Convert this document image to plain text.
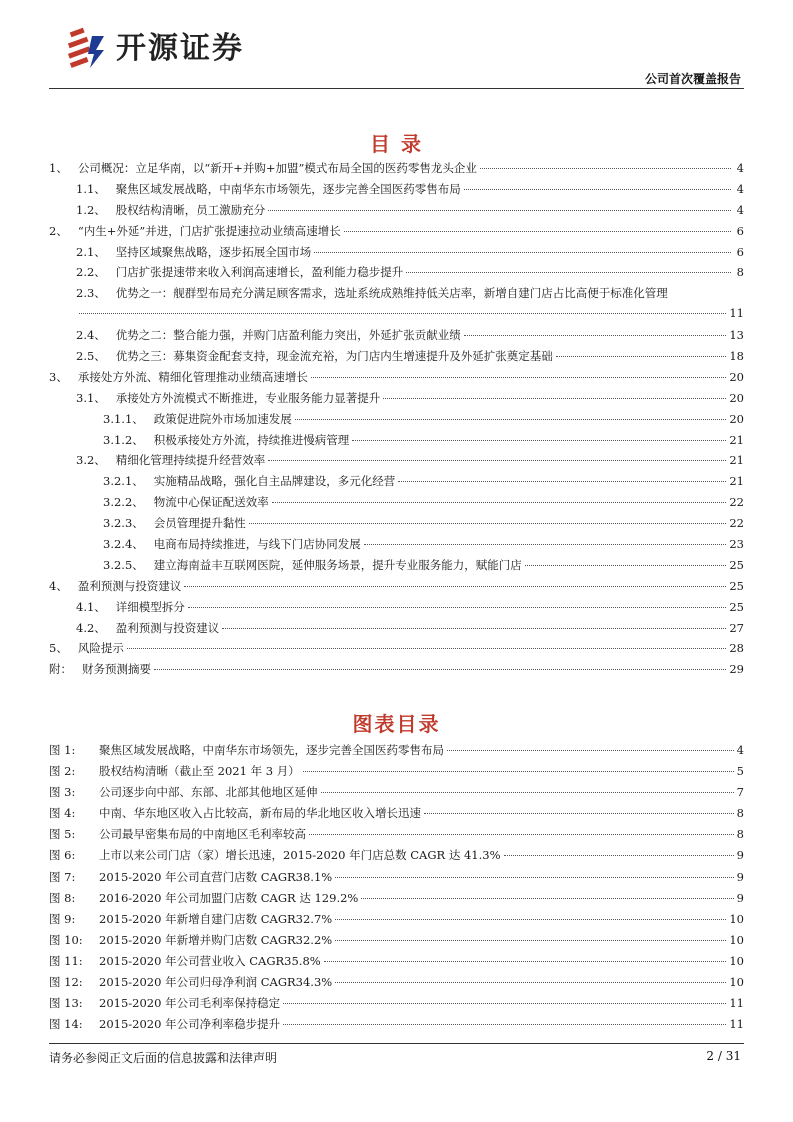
开源证券
公司首次覆盖报告
目 录
1、 公司概况：立足华南，以“新开+并购+加盟”模式布局全国的医药零售龙头企业	4
1.1、 聚焦区域发展战略，中南华东市场领先，逐步完善全国医药零售布局	4
1.2、 股权结构清晰，员工激励充分	4
2、 “内生+外延”并进，门店扩张提速拉动业绩高速增长	6
2.1、 坚持区域聚焦战略，逐步拓展全国市场	6
2.2、 门店扩张提速带来收入利润高速增长，盈利能力稳步提升	8
2.3、 优势之一：舰群型布局充分满足顾客需求，选址系统成熟维持低关店率，新增自建门店占比高便于标准化管理
11
2.4、 优势之二：整合能力强，并购门店盈利能力突出，外延扩张贡献业绩	13
2.5、 优势之三：募集资金配套支持，现金流充裕，为门店内生增速提升及外延扩张奠定基础	18
3、 承接处方外流、精细化管理推动业绩高速增长	20
3.1、 承接处方外流模式不断推进，专业服务能力显著提升	20
3.1.1、 政策促进院外市场加速发展	20
3.1.2、 积极承接处方外流，持续推进慢病管理	21
3.2、 精细化管理持续提升经营效率	21
3.2.1、 实施精品战略，强化自主品牌建设，多元化经营	21
3.2.2、 物流中心保证配送效率	22
3.2.3、 会员管理提升黏性	22
3.2.4、 电商布局持续推进，与线下门店协同发展	23
3.2.5、 建立海南益丰互联网医院，延伸服务场景，提升专业服务能力，赋能门店	25
4、 盈利预测与投资建议	25
4.1、 详细模型拆分	25
4.2、 盈利预测与投资建议	27
5、 风险提示	28
附： 财务预测摘要	29
图表目录
图 1:	聚焦区域发展战略，中南华东市场领先，逐步完善全国医药零售布局	4
图 2:	股权结构清晰（截止至 2021 年 3 月）	5
图 3:	公司逐步向中部、东部、北部其他地区延伸	7
图 4:	中南、华东地区收入占比较高，新布局的华北地区收入增长迅速	8
图 5:	公司最早密集布局的中南地区毛利率较高	8
图 6:	上市以来公司门店（家）增长迅速，2015-2020 年门店总数 CAGR 达 41.3%	9
图 7:	2015-2020 年公司直营门店数 CAGR38.1%	9
图 8:	2016-2020 年公司加盟门店数 CAGR 达 129.2%	9
图 9:	2015-2020 年新增自建门店数 CAGR32.7%	10
图 10:	2015-2020 年新增并购门店数 CAGR32.2%	10
图 11:	2015-2020 年公司营业收入 CAGR35.8%	10
图 12:	2015-2020 年公司归母净利润 CAGR34.3%	10
图 13:	2015-2020 年公司毛利率保持稳定	11
图 14:	2015-2020 年公司净利率稳步提升	11
请务必参阅正文后面的信息披露和法律声明	2 / 31
